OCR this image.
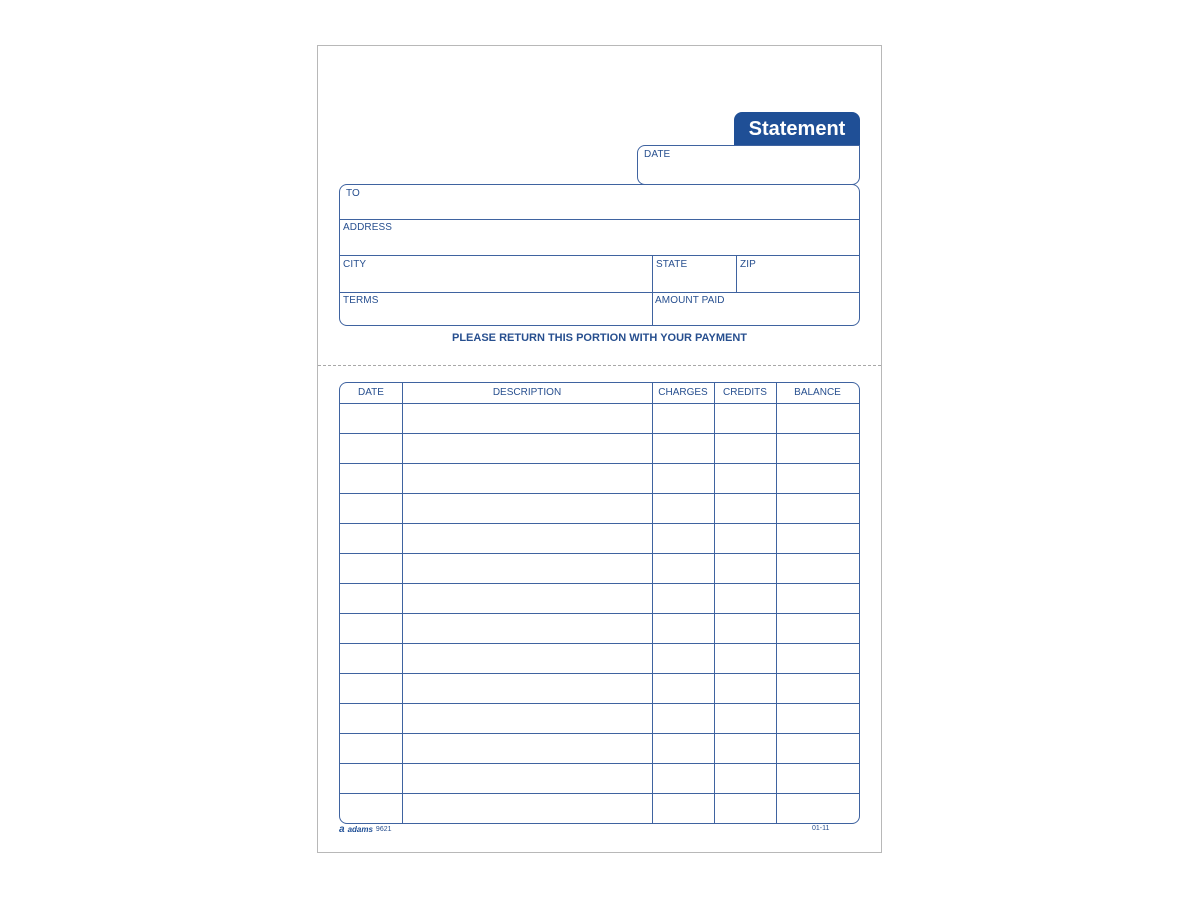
Statement
DATE
TO
ADDRESS
CITY	STATE	ZIP
TERMS	AMOUNT PAID
PLEASE RETURN THIS PORTION WITH YOUR PAYMENT
DATE	DESCRIPTION	CHARGES	CREDITS	BALANCE
a adams 9621	01-11
